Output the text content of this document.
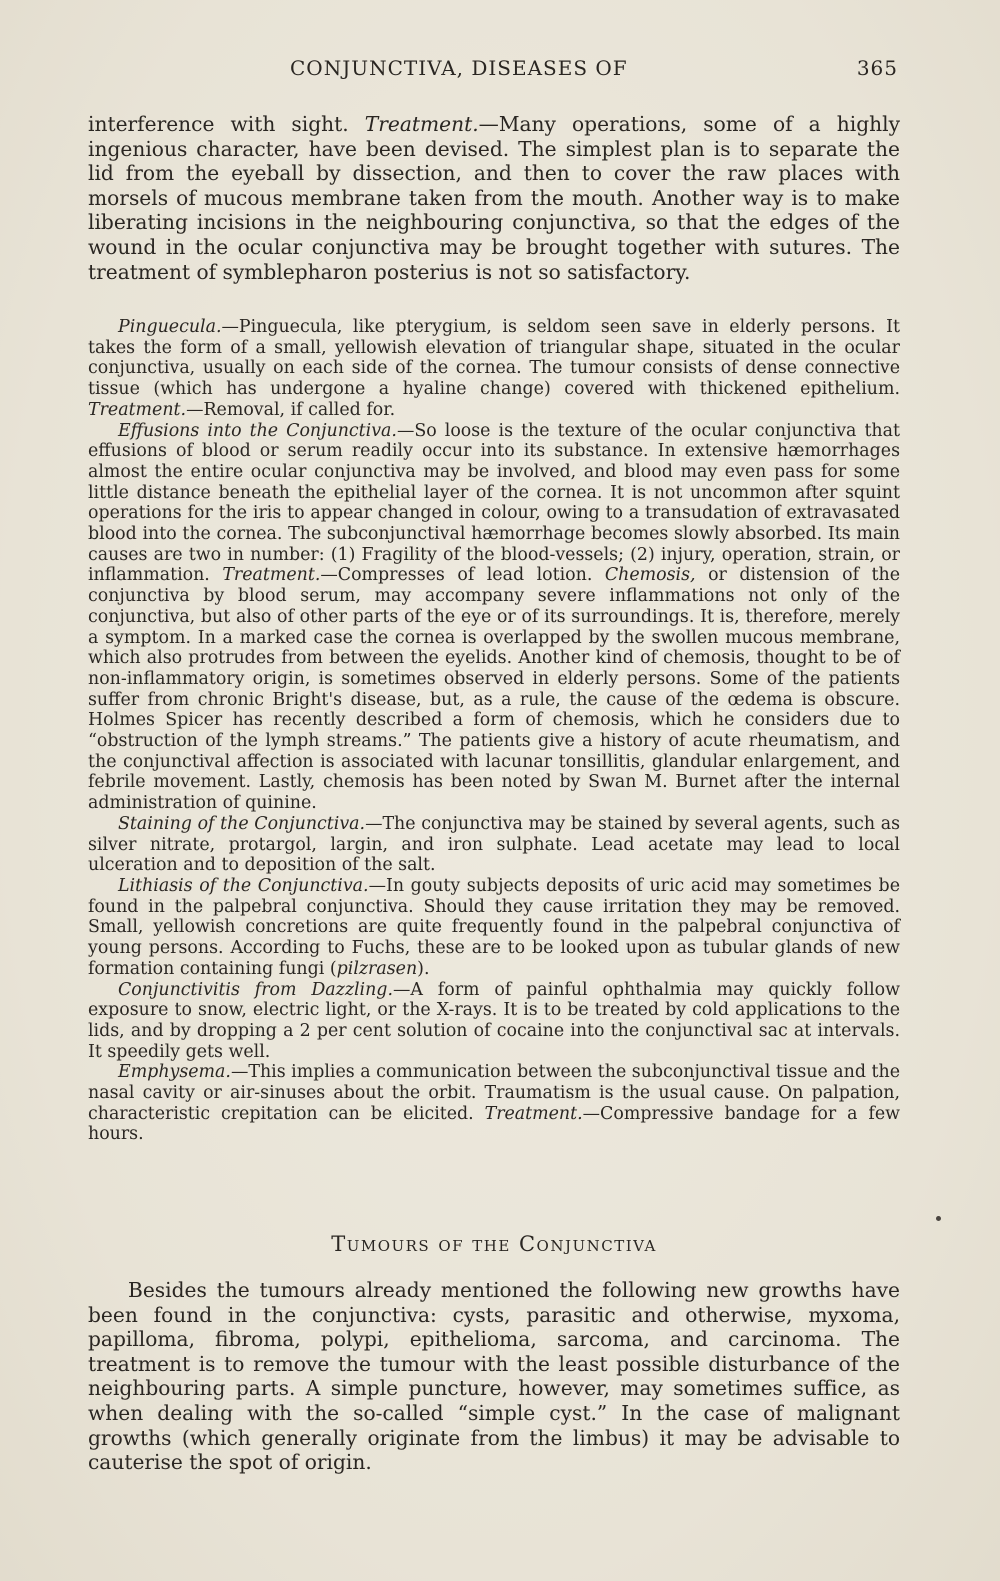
CONJUNCTIVA, DISEASES OF	365

interference with sight. Treatment.—Many operations, some of a highly ingenious character, have been devised. The simplest plan is to separate the lid from the eyeball by dissection, and then to cover the raw places with morsels of mucous membrane taken from the mouth. Another way is to make liberating incisions in the neighbouring conjunctiva, so that the edges of the wound in the ocular conjunctiva may be brought together with sutures. The treatment of symblepharon posterius is not so satisfactory.

Pinguecula.—Pinguecula, like pterygium, is seldom seen save in elderly persons. It takes the form of a small, yellowish elevation of triangular shape, situated in the ocular conjunctiva, usually on each side of the cornea. The tumour consists of dense connective tissue (which has undergone a hyaline change) covered with thickened epithelium. Treatment.—Removal, if called for.

Effusions into the Conjunctiva.—So loose is the texture of the ocular conjunctiva that effusions of blood or serum readily occur into its substance. In extensive hæmorrhages almost the entire ocular conjunctiva may be involved, and blood may even pass for some little distance beneath the epithelial layer of the cornea. It is not uncommon after squint operations for the iris to appear changed in colour, owing to a transudation of extravasated blood into the cornea. The subconjunctival hæmorrhage becomes slowly absorbed. Its main causes are two in number: (1) Fragility of the blood-vessels; (2) injury, operation, strain, or inflammation. Treatment.—Compresses of lead lotion. Chemosis, or distension of the conjunctiva by blood serum, may accompany severe inflammations not only of the conjunctiva, but also of other parts of the eye or of its surroundings. It is, therefore, merely a symptom. In a marked case the cornea is overlapped by the swollen mucous membrane, which also protrudes from between the eyelids. Another kind of chemosis, thought to be of non-inflammatory origin, is sometimes observed in elderly persons. Some of the patients suffer from chronic Bright's disease, but, as a rule, the cause of the œdema is obscure. Holmes Spicer has recently described a form of chemosis, which he considers due to “obstruction of the lymph streams.” The patients give a history of acute rheumatism, and the conjunctival affection is associated with lacunar tonsillitis, glandular enlargement, and febrile movement. Lastly, chemosis has been noted by Swan M. Burnet after the internal administration of quinine.

Staining of the Conjunctiva.—The conjunctiva may be stained by several agents, such as silver nitrate, protargol, largin, and iron sulphate. Lead acetate may lead to local ulceration and to deposition of the salt.

Lithiasis of the Conjunctiva.—In gouty subjects deposits of uric acid may sometimes be found in the palpebral conjunctiva. Should they cause irritation they may be removed. Small, yellowish concretions are quite frequently found in the palpebral conjunctiva of young persons. According to Fuchs, these are to be looked upon as tubular glands of new formation containing fungi (pilzrasen).

Conjunctivitis from Dazzling.—A form of painful ophthalmia may quickly follow exposure to snow, electric light, or the X-rays. It is to be treated by cold applications to the lids, and by dropping a 2 per cent solution of cocaine into the conjunctival sac at intervals. It speedily gets well.

Emphysema.—This implies a communication between the subconjunctival tissue and the nasal cavity or air-sinuses about the orbit. Traumatism is the usual cause. On palpation, characteristic crepitation can be elicited. Treatment.—Compressive bandage for a few hours.

Tumours of the Conjunctiva

Besides the tumours already mentioned the following new growths have been found in the conjunctiva: cysts, parasitic and otherwise, myxoma, papilloma, fibroma, polypi, epithelioma, sarcoma, and carcinoma. The treatment is to remove the tumour with the least possible disturbance of the neighbouring parts. A simple puncture, however, may sometimes suffice, as when dealing with the so-called “simple cyst.” In the case of malignant growths (which generally originate from the limbus) it may be advisable to cauterise the spot of origin.
